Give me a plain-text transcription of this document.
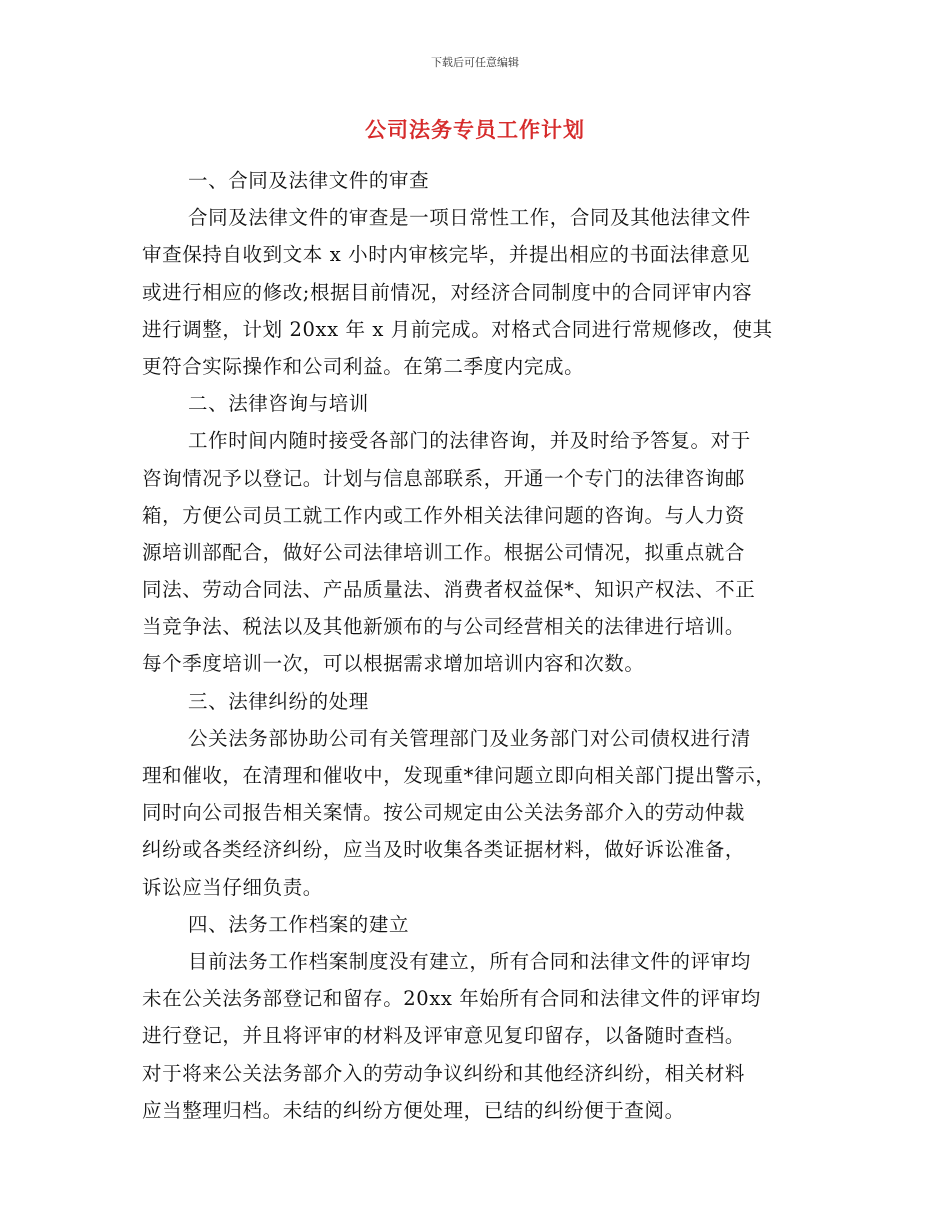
下载后可任意编辑
公司法务专员工作计划
一、合同及法律文件的审查
合同及法律文件的审查是一项日常性工作，合同及其他法律文件
审查保持自收到文本 x 小时内审核完毕，并提出相应的书面法律意见
或进行相应的修改;根据目前情况，对经济合同制度中的合同评审内容
进行调整，计划 20xx 年 x 月前完成。对格式合同进行常规修改，使其
更符合实际操作和公司利益。在第二季度内完成。
二、法律咨询与培训
工作时间内随时接受各部门的法律咨询，并及时给予答复。对于
咨询情况予以登记。计划与信息部联系，开通一个专门的法律咨询邮
箱，方便公司员工就工作内或工作外相关法律问题的咨询。与人力资
源培训部配合，做好公司法律培训工作。根据公司情况，拟重点就合
同法、劳动合同法、产品质量法、消费者权益保*、知识产权法、不正
当竞争法、税法以及其他新颁布的与公司经营相关的法律进行培训。
每个季度培训一次，可以根据需求增加培训内容和次数。
三、法律纠纷的处理
公关法务部协助公司有关管理部门及业务部门对公司债权进行清
理和催收，在清理和催收中，发现重*律问题立即向相关部门提出警示，
同时向公司报告相关案情。按公司规定由公关法务部介入的劳动仲裁
纠纷或各类经济纠纷，应当及时收集各类证据材料，做好诉讼准备，
诉讼应当仔细负责。
四、法务工作档案的建立
目前法务工作档案制度没有建立，所有合同和法律文件的评审均
未在公关法务部登记和留存。20xx 年始所有合同和法律文件的评审均
进行登记，并且将评审的材料及评审意见复印留存，以备随时查档。
对于将来公关法务部介入的劳动争议纠纷和其他经济纠纷，相关材料
应当整理归档。未结的纠纷方便处理，已结的纠纷便于查阅。
